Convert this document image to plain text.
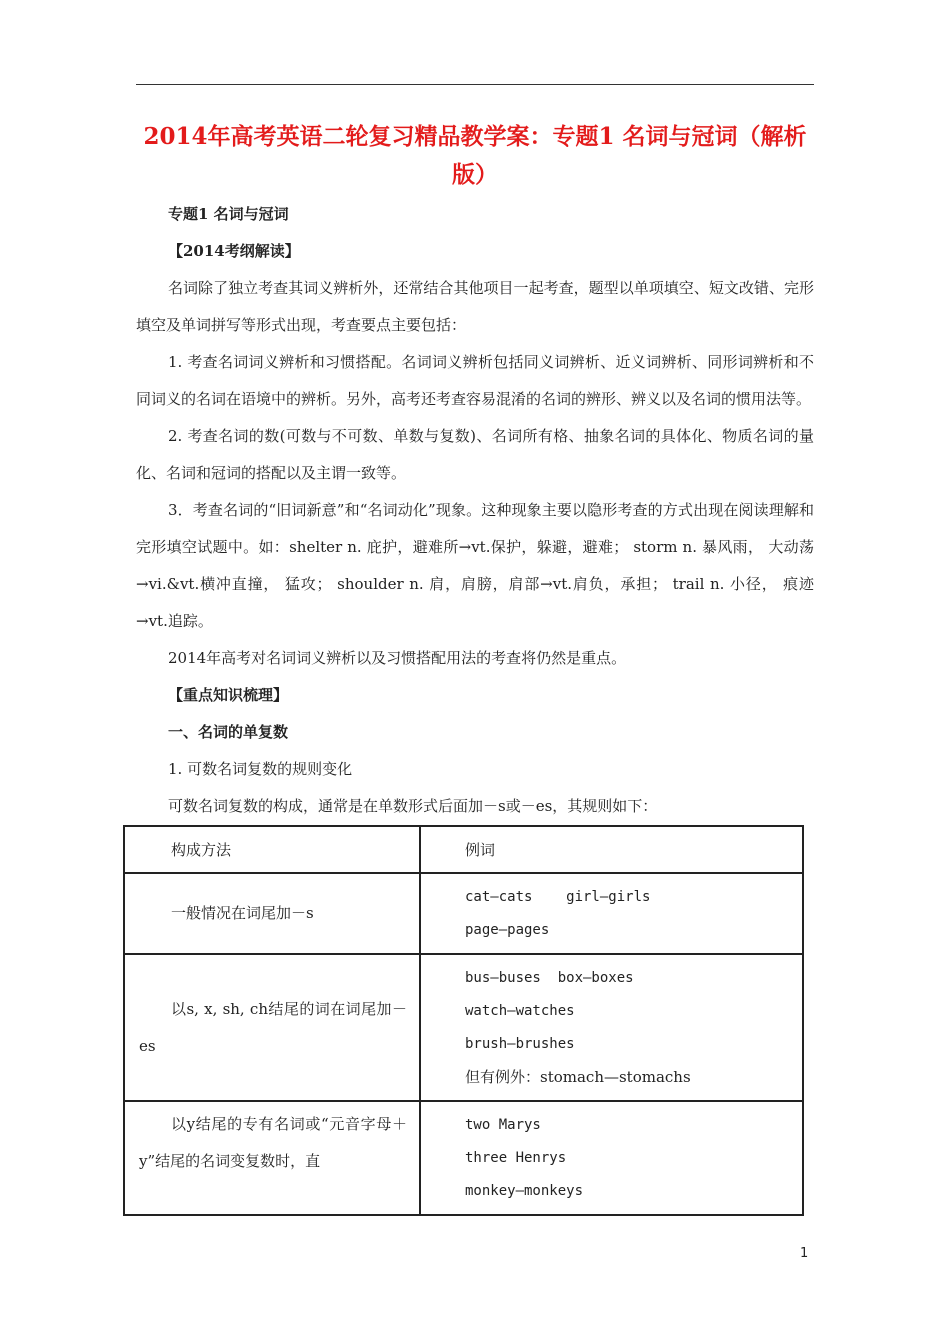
2014年高考英语二轮复习精品教学案：专题1 名词与冠词（解析版）

专题1 名词与冠词

【2014考纲解读】

名词除了独立考查其词义辨析外，还常结合其他项目一起考查，题型以单项填空、短文改错、完形填空及单词拼写等形式出现，考查要点主要包括：

1. 考查名词词义辨析和习惯搭配。名词词义辨析包括同义词辨析、近义词辨析、同形词辨析和不同词义的名词在语境中的辨析。另外，高考还考查容易混淆的名词的辨形、辨义以及名词的惯用法等。

2. 考查名词的数(可数与不可数、单数与复数)、名词所有格、抽象名词的具体化、物质名词的量化、名词和冠词的搭配以及主谓一致等。

3．考查名词的“旧词新意”和“名词动化”现象。这种现象主要以隐形考查的方式出现在阅读理解和完形填空试题中。如：shelter n. 庇护，避难所→vt.保护，躲避，避难； storm n. 暴风雨， 大动荡→vi.&vt.横冲直撞， 猛攻； shoulder n. 肩，肩膀，肩部→vt.肩负，承担； trail n. 小径， 痕迹→vt.追踪。

2014年高考对名词词义辨析以及习惯搭配用法的考查将仍然是重点。

【重点知识梳理】

一、名词的单复数

1. 可数名词复数的规则变化

可数名词复数的构成，通常是在单数形式后面加－s或－es，其规则如下：

构成方法	例词

一般情况在词尾加－s	cat—cats    girl—girls

page—pages

以s, x, sh, ch结尾的词在词尾加－es	bus—buses  box—boxes

watch—watches

brush—brushes

但有例外：stomach—stomachs

以y结尾的专有名词或“元音字母＋y”结尾的名词变复数时，直	two Marys

three Henrys

monkey—monkeys

1
